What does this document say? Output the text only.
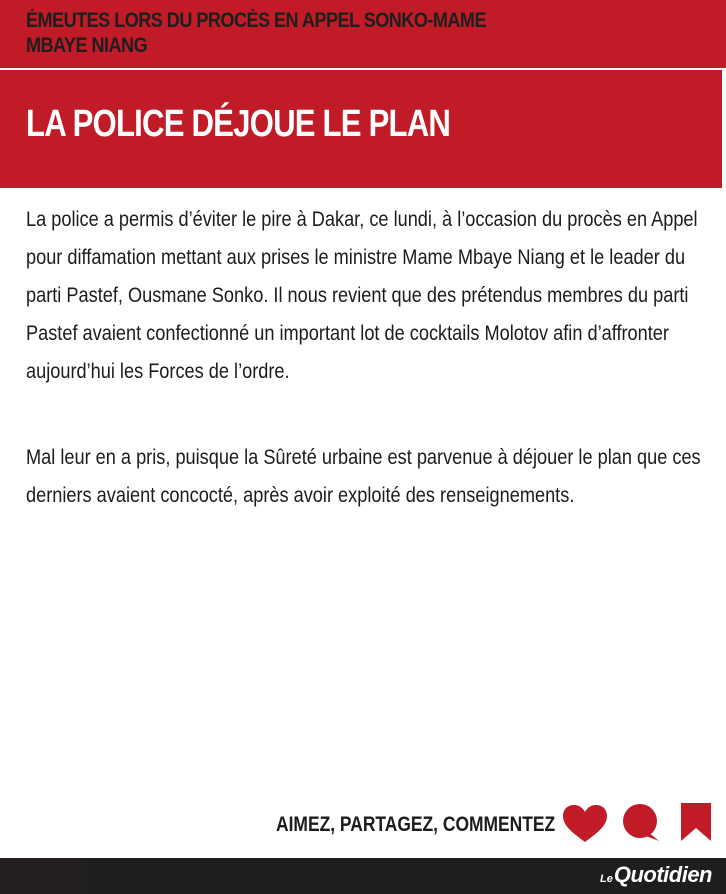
ÉMEUTES LORS DU PROCÈS EN APPEL SONKO-MAME MBAYE NIANG

LA POLICE DÉJOUE LE PLAN

La police a permis d’éviter le pire à Dakar, ce lundi, à l’occasion du procès en Appel pour diffamation mettant aux prises le ministre Mame Mbaye Niang et le leader du parti Pastef, Ousmane Sonko. Il nous revient que des prétendus membres du parti Pastef avaient confectionné un important lot de cocktails Molotov afin d’affronter aujourd’hui les Forces de l’ordre.

Mal leur en a pris, puisque la Sûreté urbaine est parvenue à déjouer le plan que ces derniers avaient concocté, après avoir exploité des renseignements.

AIMEZ, PARTAGEZ, COMMENTEZ
LeQuotidien
